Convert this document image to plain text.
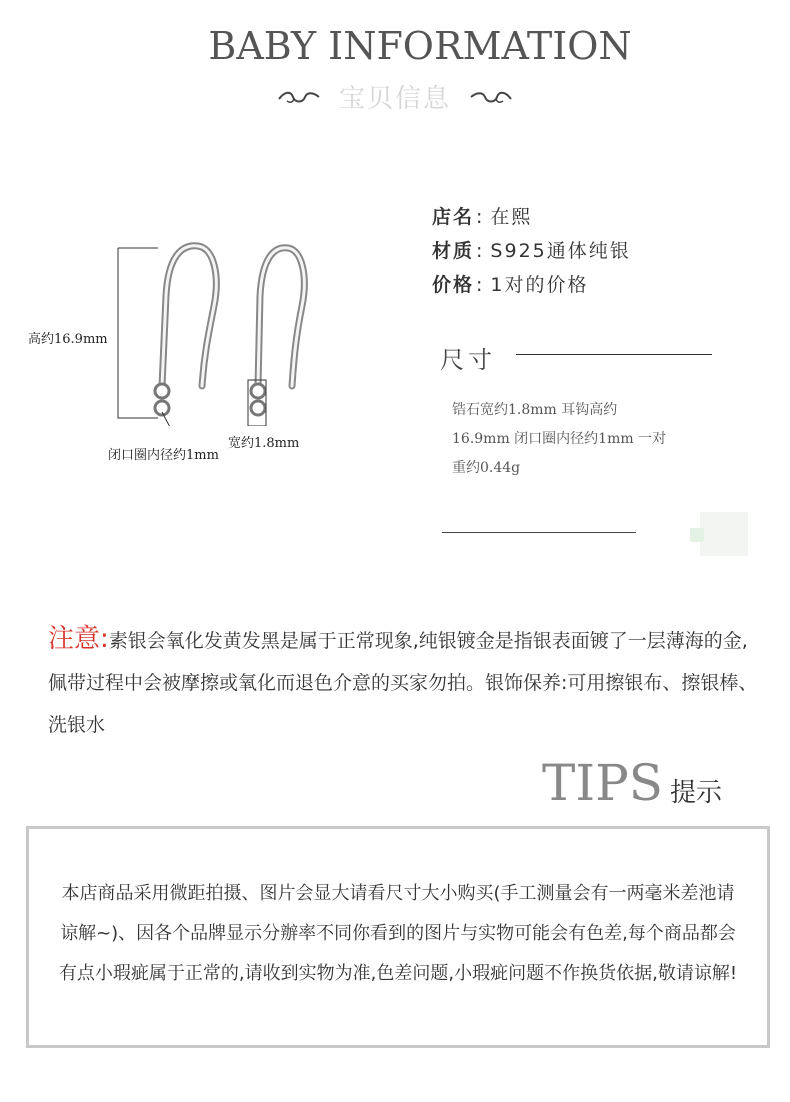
BABY INFORMATION
宝贝信息
高约16.9mm
闭口圈内径约1mm
宽约1.8mm
店名 : 在熙
材质 : S925通体纯银
价格 : 1对的价格
尺寸
锆石宽约1.8mm 耳钩高约
16.9mm 闭口圈内径约1mm 一对
重约0.44g
注意:素银会氧化发黄发黑是属于正常现象,纯银镀金是指银表面镀了一层薄海的金,佩带过程中会被摩擦或氧化而退色介意的买家勿拍。银饰保养:可用擦银布、擦银棒、洗银水
TIPS 提示
本店商品采用微距拍摄、图片会显大请看尺寸大小购买(手工测量会有一两毫米差池请谅解~)、因各个品牌显示分辦率不同你看到的图片与实物可能会有色差,每个商品都会有点小瑕疵属于正常的,请收到实物为准,色差问题,小瑕疵问题不作换货依据,敬请谅解!
